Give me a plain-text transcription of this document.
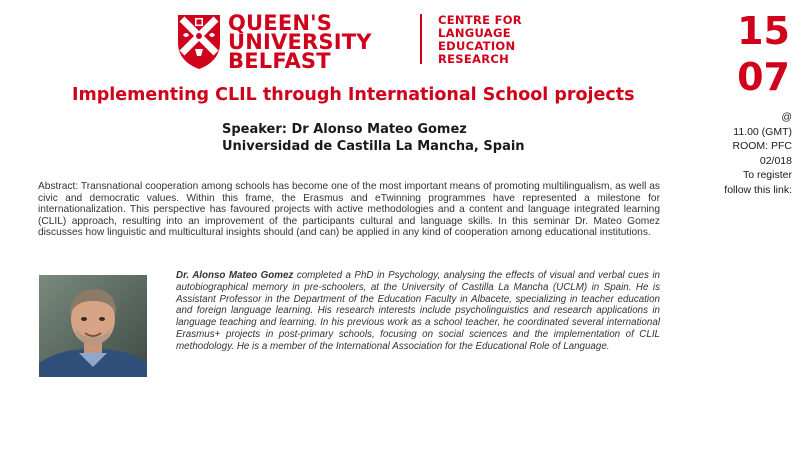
QUEEN'S
UNIVERSITY
BELFAST
CENTRE FOR
LANGUAGE
EDUCATION
RESEARCH
15
07
Implementing CLIL through International School projects
Speaker: Dr Alonso Mateo Gomez
Universidad de Castilla La Mancha, Spain
@
11.00 (GMT)
ROOM: PFC
02/018
To register
follow this link:
Abstract: Transnational cooperation among schools has become one of the most important means of promoting multilingualism, as well as civic and democratic values. Within this frame, the Erasmus and eTwinning programmes have represented a milestone for internationalization. This perspective has favoured projects with active methodologies and a content and language integrated learning (CLIL) approach, resulting into an improvement of the participants cultural and language skills. In this seminar Dr. Mateo Gomez discusses how linguistic and multicultural insights should (and can) be applied in any kind of cooperation among educational institutions.
Dr. Alonso Mateo Gomez completed a PhD in Psychology, analysing the effects of visual and verbal cues in autobiographical memory in pre-schoolers, at the University of Castilla La Mancha (UCLM) in Spain. He is Assistant Professor in the Department of the Education Faculty in Albacete, specializing in teacher education and foreign language learning. His research interests include psycholinguistics and research applications in language teaching and learning. In his previous work as a school teacher, he coordinated several international Erasmus+ projects in post-primary schools, focusing on social sciences and the implementation of CLIL methodology. He is a member of the International Association for the Educational Role of Language.
